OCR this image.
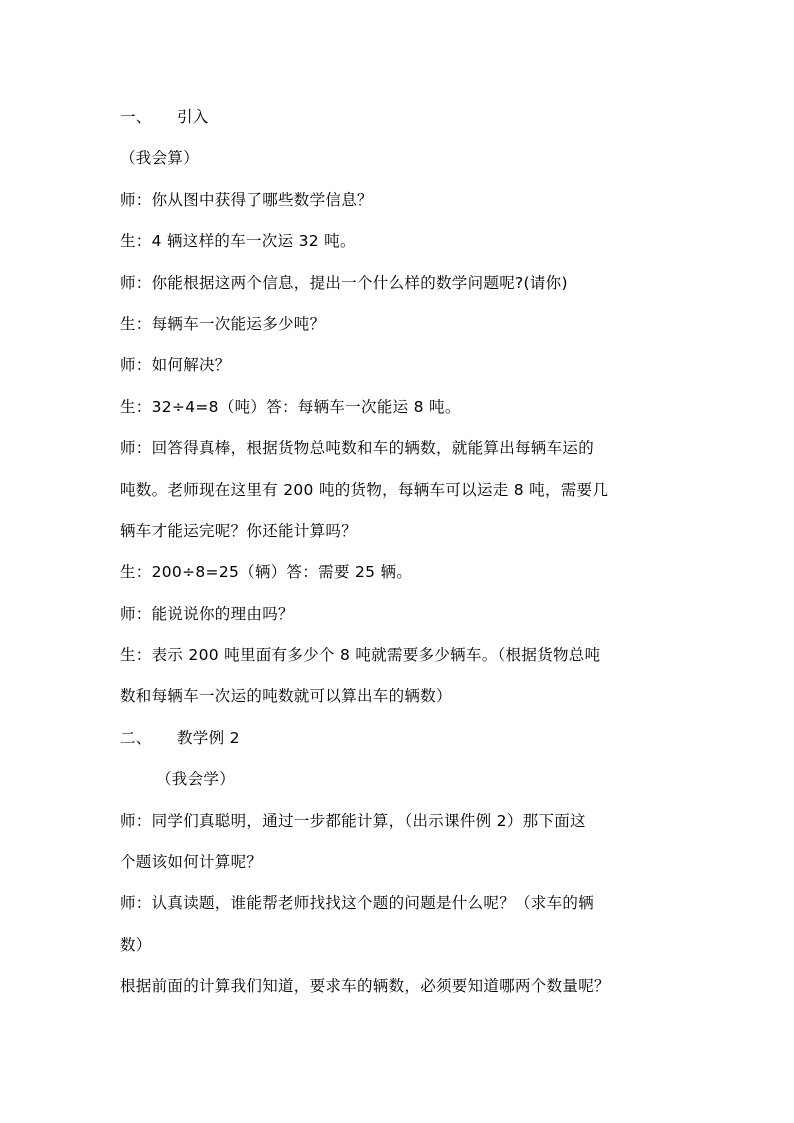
一、 引入
（我会算）
师：你从图中获得了哪些数学信息？
生：4 辆这样的车一次运 32 吨。
师：你能根据这两个信息，提出一个什么样的数学问题呢?(请你)
生：每辆车一次能运多少吨？
师：如何解决？
生：32÷4=8（吨）答：每辆车一次能运 8 吨。
师：回答得真棒，根据货物总吨数和车的辆数，就能算出每辆车运的
吨数。老师现在这里有 200 吨的货物，每辆车可以运走 8 吨，需要几
辆车才能运完呢？你还能计算吗？
生：200÷8=25（辆）答：需要 25 辆。
师：能说说你的理由吗？
生：表示 200 吨里面有多少个 8 吨就需要多少辆车。（根据货物总吨
数和每辆车一次运的吨数就可以算出车的辆数）
二、 教学例 2
（我会学）
师：同学们真聪明，通过一步都能计算，（出示课件例 2）那下面这
个题该如何计算呢？
师：认真读题，谁能帮老师找找这个题的问题是什么呢？（求车的辆
数）
根据前面的计算我们知道，要求车的辆数，必须要知道哪两个数量呢？
